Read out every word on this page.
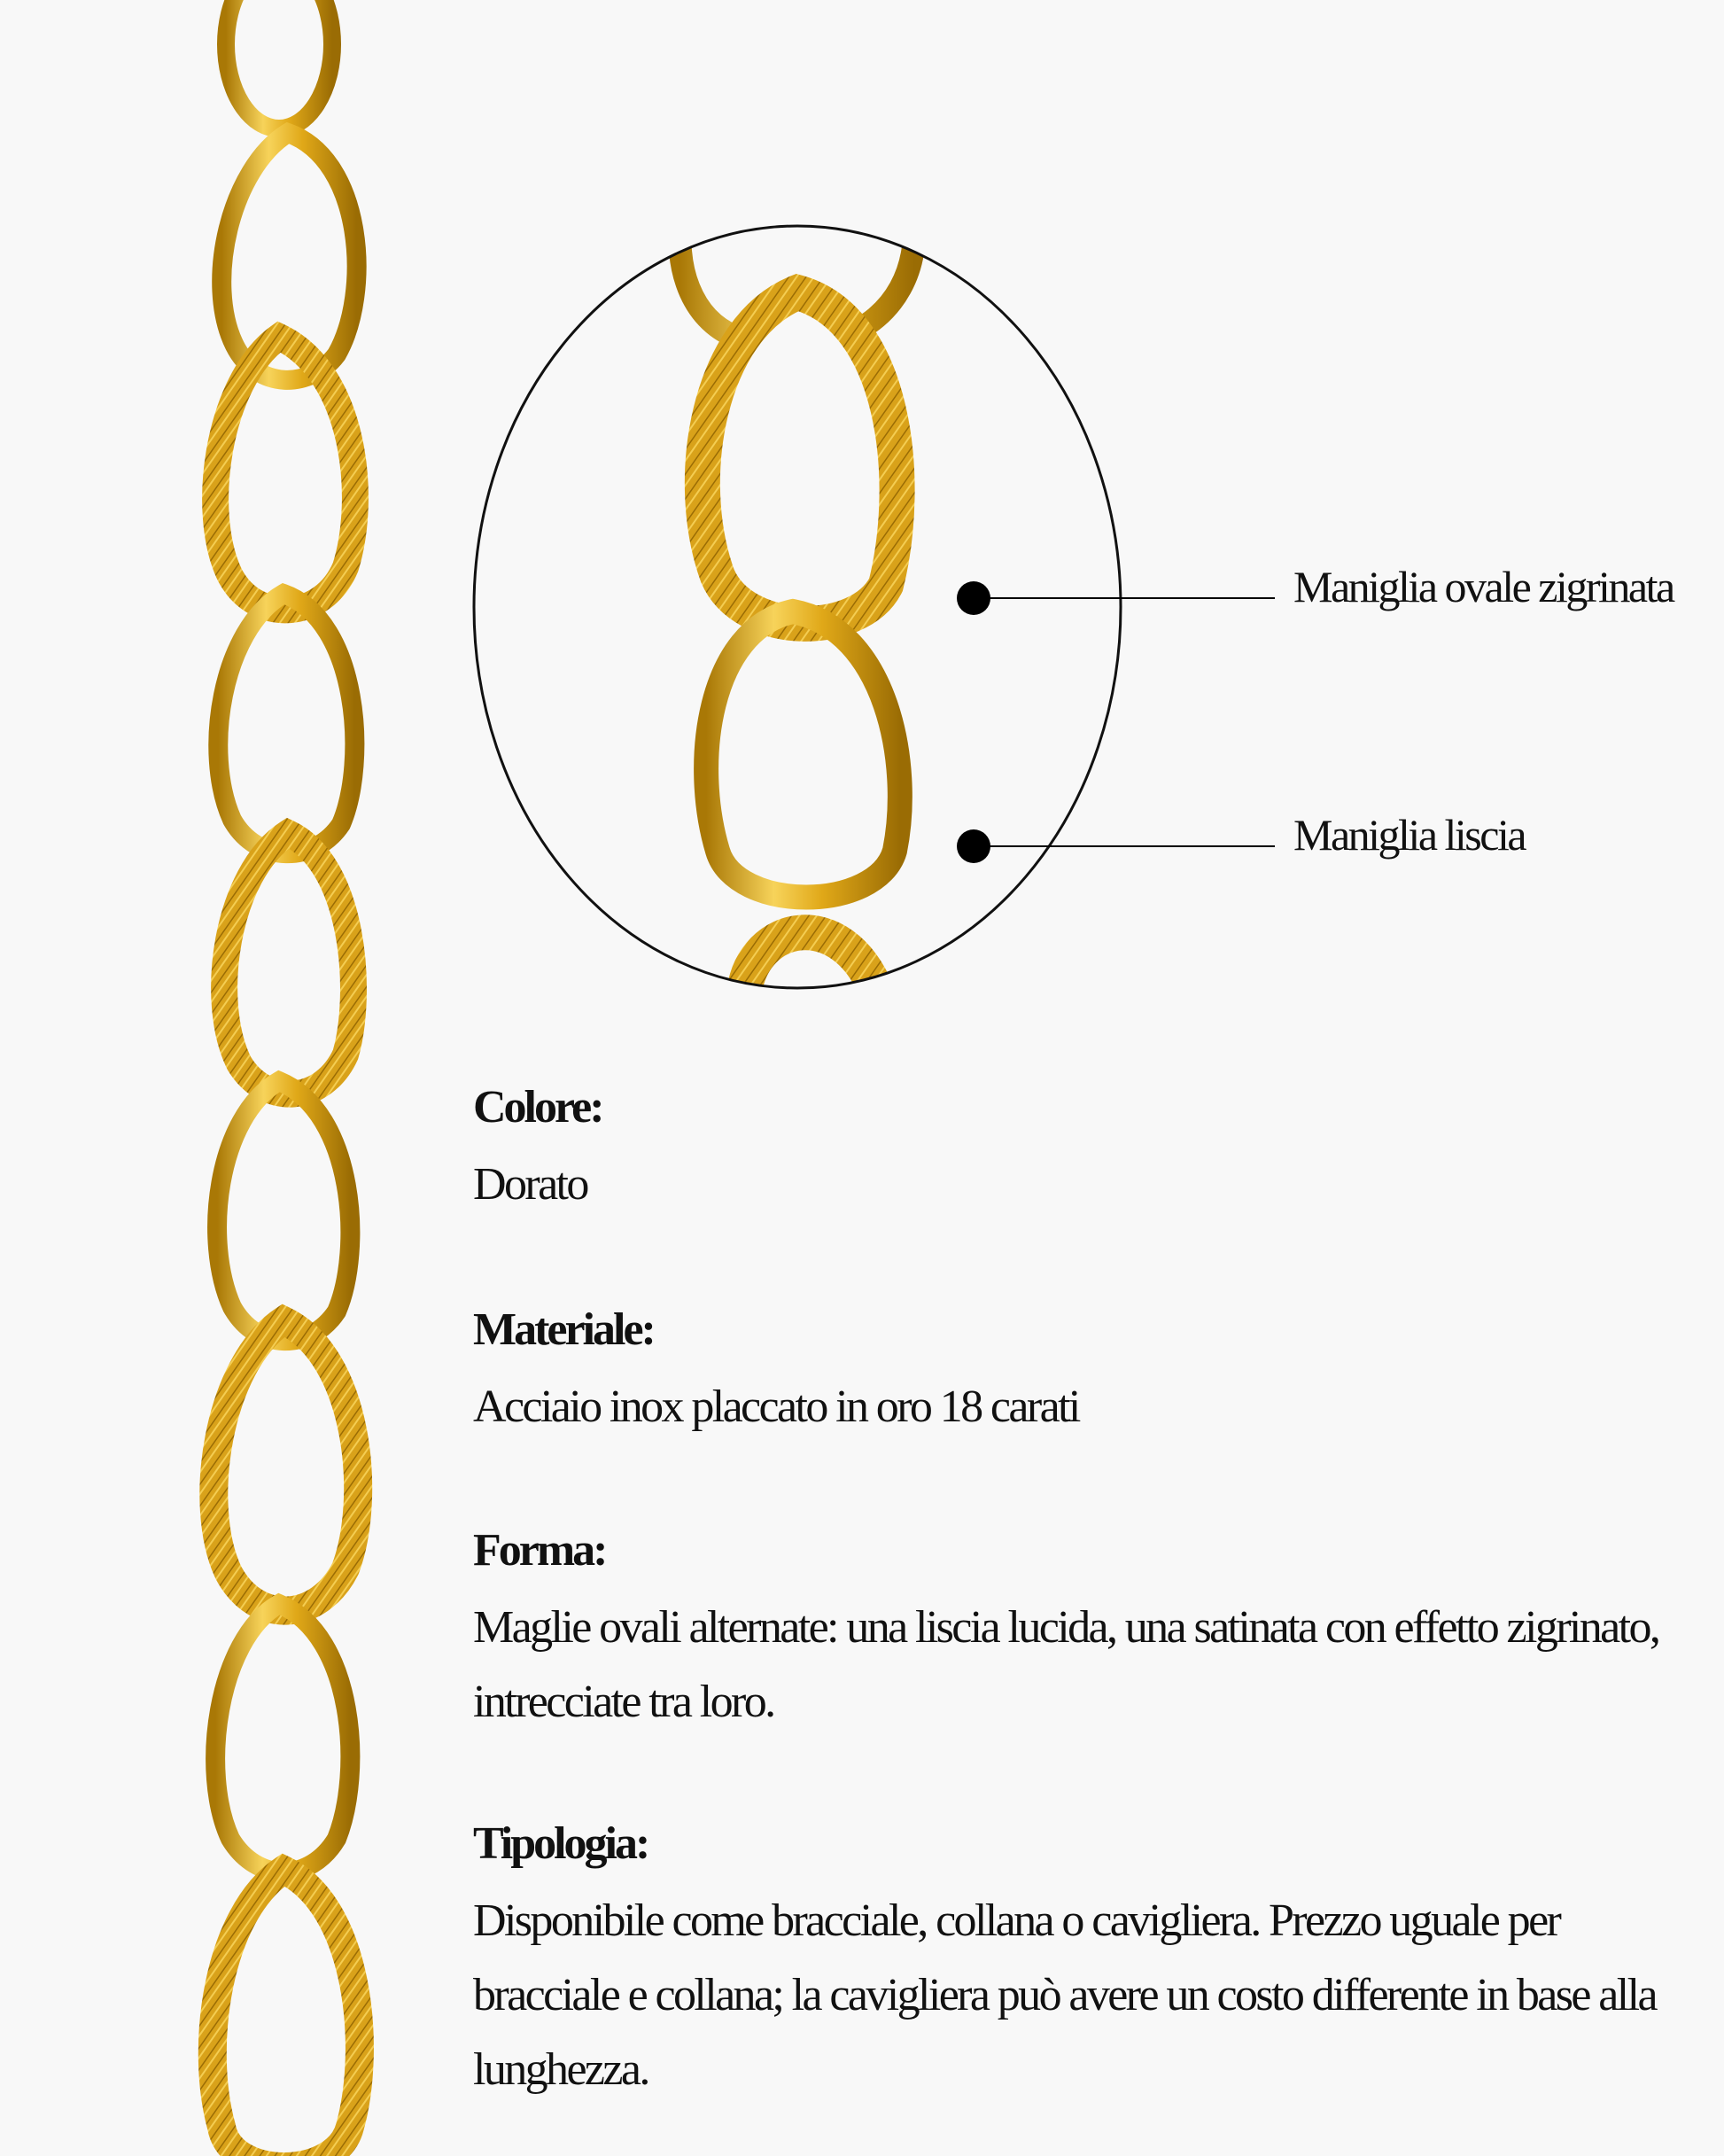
Maniglia ovale zigrinata
Maniglia liscia
Colore:

Dorato

Materiale:

Acciaio inox placcato in oro 18 carati

Forma:

Maglie ovali alternate: una liscia lucida, una satinata con effetto zigrinato, intrecciate tra loro.

Tipologia:

Disponibile come bracciale, collana o cavigliera. Prezzo uguale per bracciale e collana; la cavigliera può avere un costo differente in base alla lunghezza.
